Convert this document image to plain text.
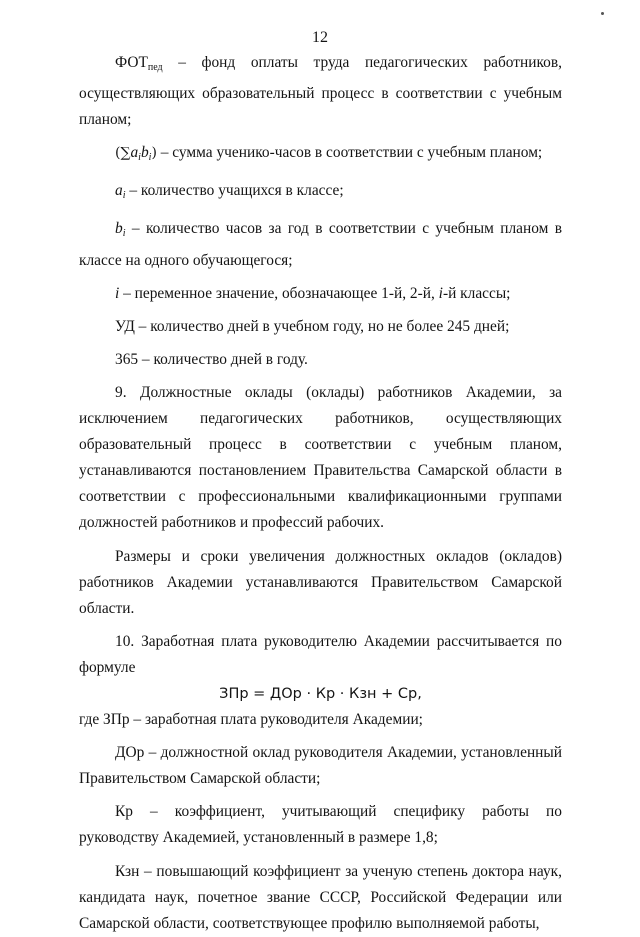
12

$ФОТ_{пед}$ – фонд оплаты труда педагогических работников, осуществляющих образовательный процесс в соответствии с учебным планом;

$(\sum a_ib_i)$ – сумма ученико-часов в соответствии с учебным планом;

$a_i$ – количество учащихся в классе;

$b_i$ – количество часов за год в соответствии с учебным планом в классе на одного обучающегося;

i – переменное значение, обозначающее 1-й, 2-й, i-й классы;

УД – количество дней в учебном году, но не более 245 дней;

365 – количество дней в году.

9. Должностные оклады (оклады) работников Академии, за исключением педагогических работников, осуществляющих образовательный процесс в соответствии с учебным планом, устанавливаются постановлением Правительства Самарской области в соответствии с профессиональными квалификационными группами должностей работников и профессий рабочих.

Размеры и сроки увеличения должностных окладов (окладов) работников Академии устанавливаются Правительством Самарской области.

10. Заработная плата руководителю Академии рассчитывается по формуле

ЗПр = ДОр · Кр · Кзн + Ср,

где ЗПр – заработная плата руководителя Академии;

ДОр – должностной оклад руководителя Академии, установленный Правительством Самарской области;

Кр – коэффициент, учитывающий специфику работы по руководству Академией, установленный в размере 1,8;

Кзн – повышающий коэффициент за ученую степень доктора наук, кандидата наук, почетное звание СССР, Российской Федерации или Самарской области, соответствующее профилю выполняемой работы,
